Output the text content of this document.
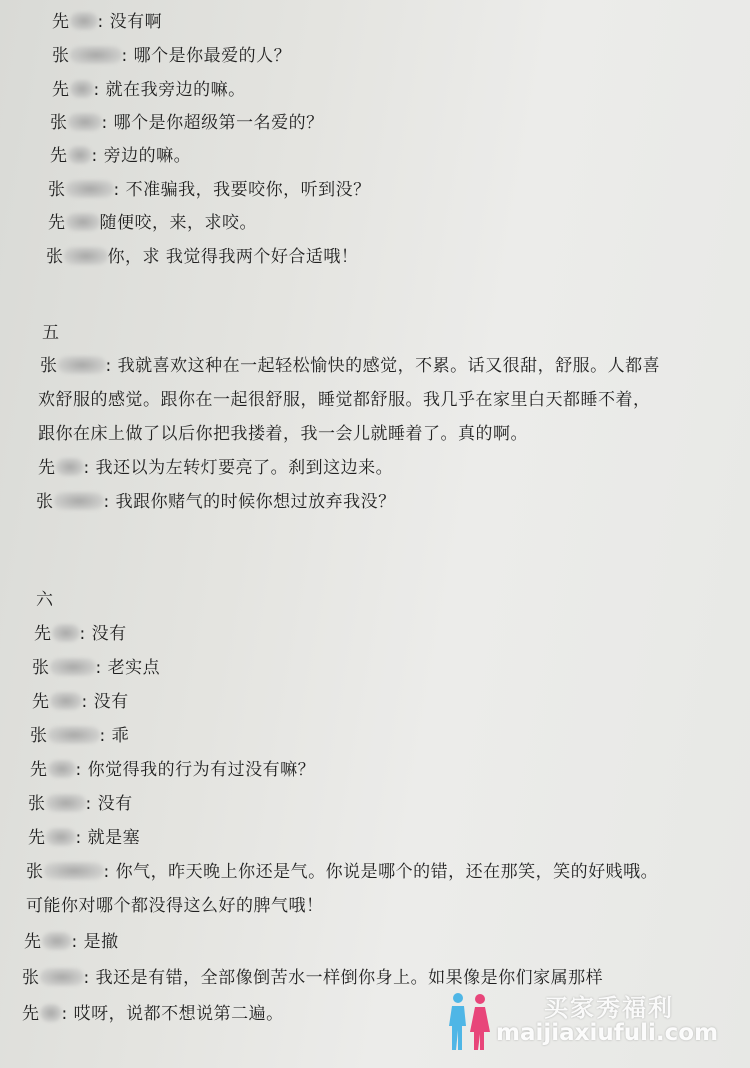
先 : 没有啊
张	: 哪个是你最爱的人？
先 : 就在我旁边的嘛。
张 : 哪个是你超级第一名爱的？
先 : 旁边的嘛。
张	: 不准骗我，我要咬你，听到没？
先 随便咬，来，求咬。
张	你，求 我觉得我两个好合适哦！
五
张	: 我就喜欢这种在一起轻松愉快的感觉，不累。话又很甜，舒服。人都喜
欢舒服的感觉。跟你在一起很舒服，睡觉都舒服。我几乎在家里白天都睡不着，
跟你在床上做了以后你把我搂着，我一会儿就睡着了。真的啊。
先 : 我还以为左转灯要亮了。刹到这边来。
张	: 我跟你赌气的时候你想过放弃我没？
六
先 : 没有
张	: 老实点
先 : 没有
张	: 乖
先 : 你觉得我的行为有过没有嘛？
张 : 没有
先 : 就是塞
张	: 你气，昨天晚上你还是气。你说是哪个的错，还在那笑，笑的好贱哦。
可能你对哪个都没得这么好的脾气哦！
先 : 是撤
张	: 我还是有错，全部像倒苦水一样倒你身上。如果像是你们家属那样
先 : 哎呀，说都不想说第二遍。	买家秀福利
maijiaxiufuli.com
